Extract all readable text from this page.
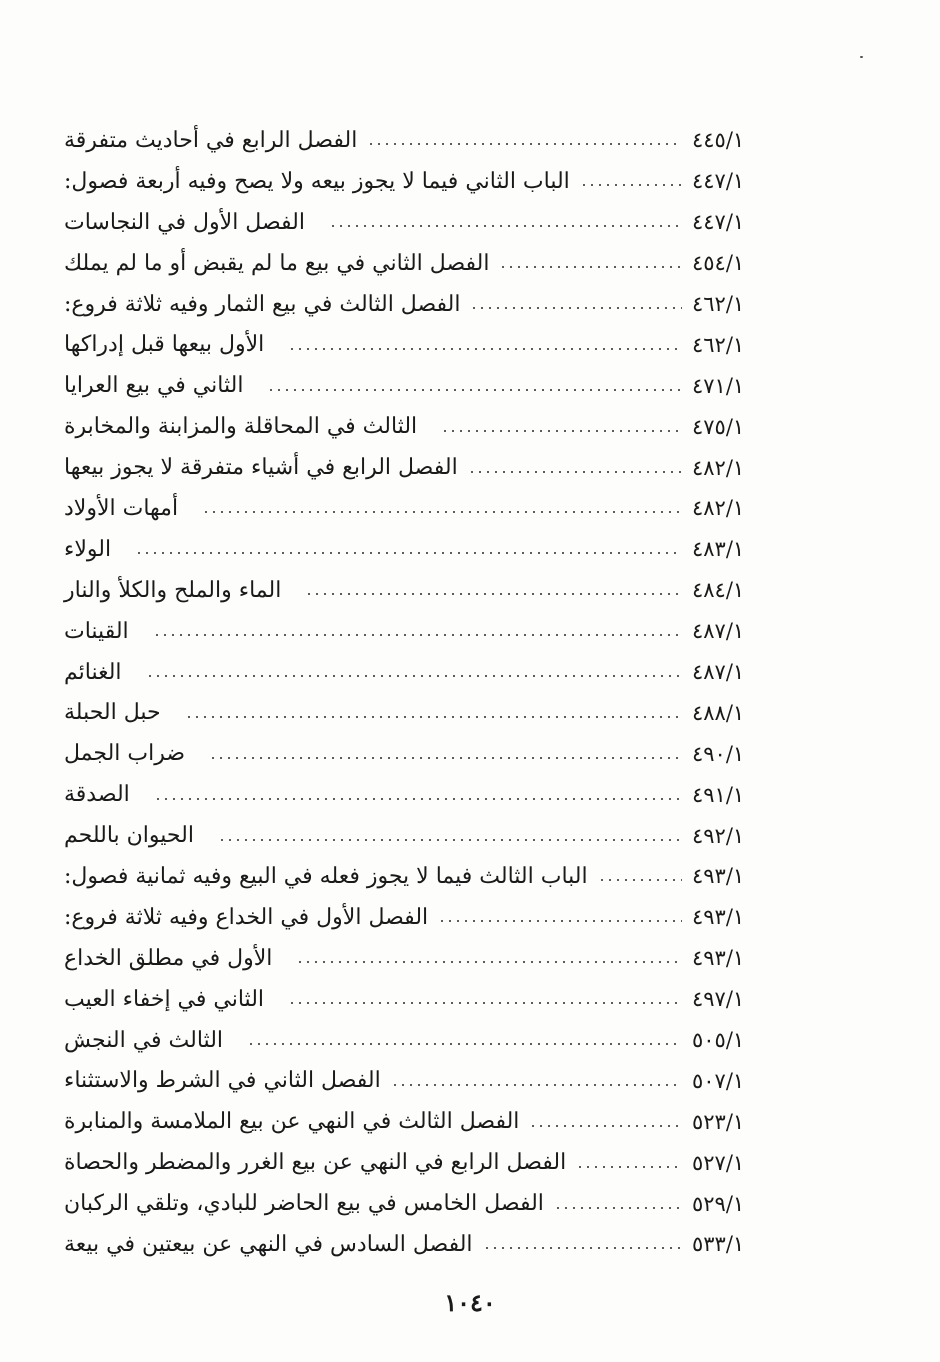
الفصل الرابع في أحاديث متفرقة	٤٤٥/١
الباب الثاني فيما لا يجوز بيعه ولا يصح وفيه أربعة فصول:	٤٤٧/١
الفصل الأول في النجاسات	٤٤٧/١
الفصل الثاني في بيع ما لم يقبض أو ما لم يملك	٤٥٤/١
الفصل الثالث في بيع الثمار وفيه ثلاثة فروع:	٤٦٢/١
الأول بيعها قبل إدراكها	٤٦٢/١
الثاني في بيع العرايا	٤٧١/١
الثالث في المحاقلة والمزابنة والمخابرة	٤٧٥/١
الفصل الرابع في أشياء متفرقة لا يجوز بيعها	٤٨٢/١
أمهات الأولاد	٤٨٢/١
الولاء	٤٨٣/١
الماء والملح والكلأ والنار	٤٨٤/١
القينات	٤٨٧/١
الغنائم	٤٨٧/١
حبل الحبلة	٤٨٨/١
ضراب الجمل	٤٩٠/١
الصدقة	٤٩١/١
الحيوان باللحم	٤٩٢/١
الباب الثالث فيما لا يجوز فعله في البيع وفيه ثمانية فصول:	٤٩٣/١
الفصل الأول في الخداع وفيه ثلاثة فروع:	٤٩٣/١
الأول في مطلق الخداع	٤٩٣/١
الثاني في إخفاء العيب	٤٩٧/١
الثالث في النجش	٥٠٥/١
الفصل الثاني في الشرط والاستثناء	٥٠٧/١
الفصل الثالث في النهي عن بيع الملامسة والمنابرة	٥٢٣/١
الفصل الرابع في النهي عن بيع الغرر والمضطر والحصاة	٥٢٧/١
الفصل الخامس في بيع الحاضر للبادي، وتلقي الركبان	٥٢٩/١
الفصل السادس في النهي عن بيعتين في بيعة	٥٣٣/١
١٠٤٠
